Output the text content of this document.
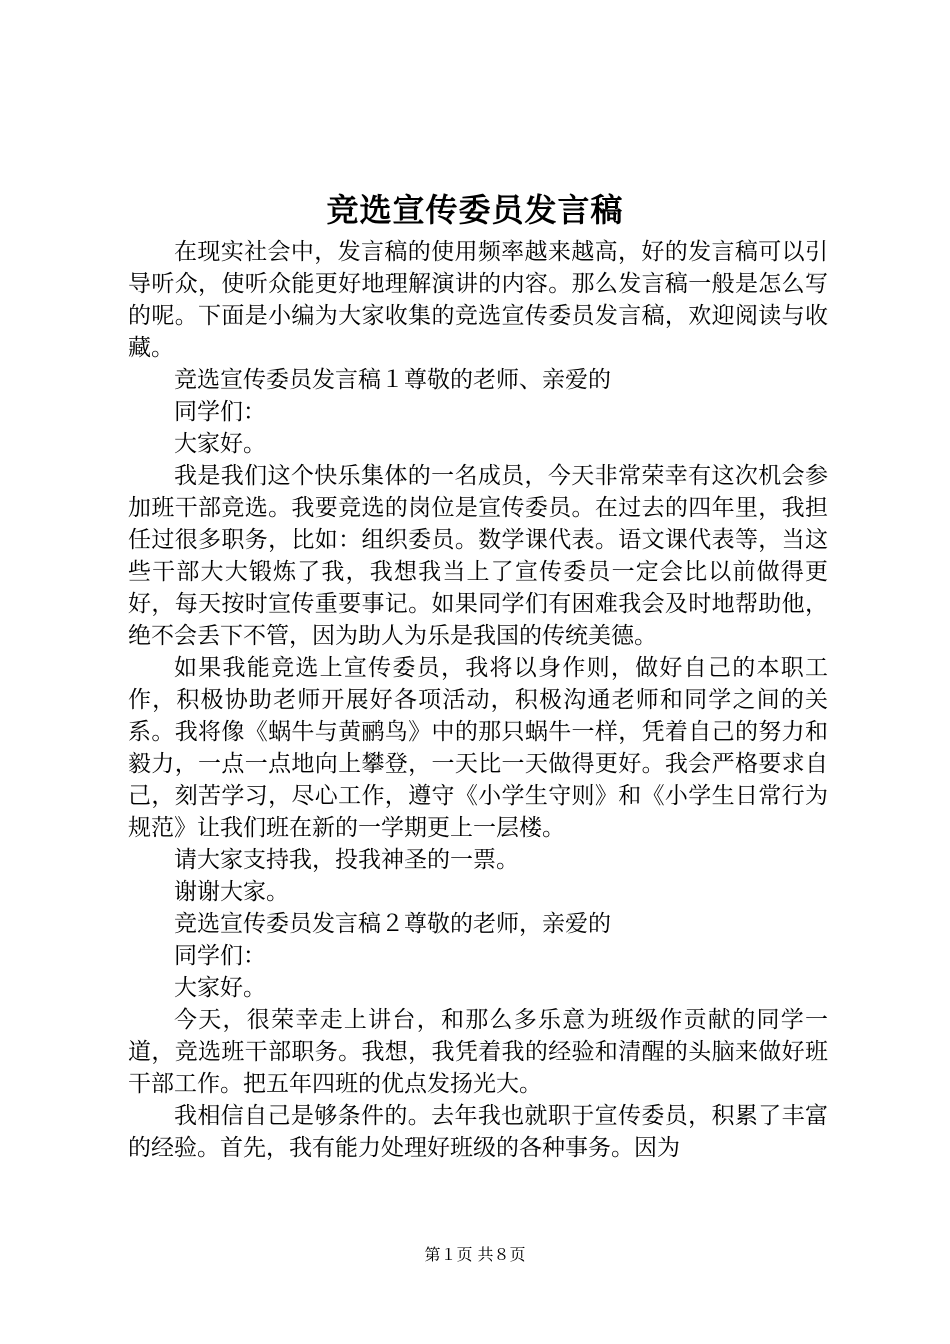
竞选宣传委员发言稿

在现实社会中，发言稿的使用频率越来越高，好的发言稿可以引导听众，使听众能更好地理解演讲的内容。那么发言稿一般是怎么写的呢。下面是小编为大家收集的竞选宣传委员发言稿，欢迎阅读与收藏。

竞选宣传委员发言稿１尊敬的老师、亲爱的

同学们：

大家好。

我是我们这个快乐集体的一名成员，今天非常荣幸有这次机会参加班干部竞选。我要竞选的岗位是宣传委员。在过去的四年里，我担任过很多职务，比如：组织委员。数学课代表。语文课代表等，当这些干部大大锻炼了我，我想我当上了宣传委员一定会比以前做得更好，每天按时宣传重要事记。如果同学们有困难我会及时地帮助他，绝不会丢下不管，因为助人为乐是我国的传统美德。

如果我能竞选上宣传委员，我将以身作则，做好自己的本职工作，积极协助老师开展好各项活动，积极沟通老师和同学之间的关系。我将像《蜗牛与黄鹂鸟》中的那只蜗牛一样，凭着自己的努力和毅力，一点一点地向上攀登，一天比一天做得更好。我会严格要求自己，刻苦学习，尽心工作，遵守《小学生守则》和《小学生日常行为规范》让我们班在新的一学期更上一层楼。

请大家支持我，投我神圣的一票。

谢谢大家。

竞选宣传委员发言稿２尊敬的老师，亲爱的

同学们：

大家好。

今天，很荣幸走上讲台，和那么多乐意为班级作贡献的同学一道，竞选班干部职务。我想，我凭着我的经验和清醒的头脑来做好班干部工作。把五年四班的优点发扬光大。

我相信自己是够条件的。去年我也就职于宣传委员，积累了丰富的经验。首先，我有能力处理好班级的各种事务。因为

第１页 共８页
